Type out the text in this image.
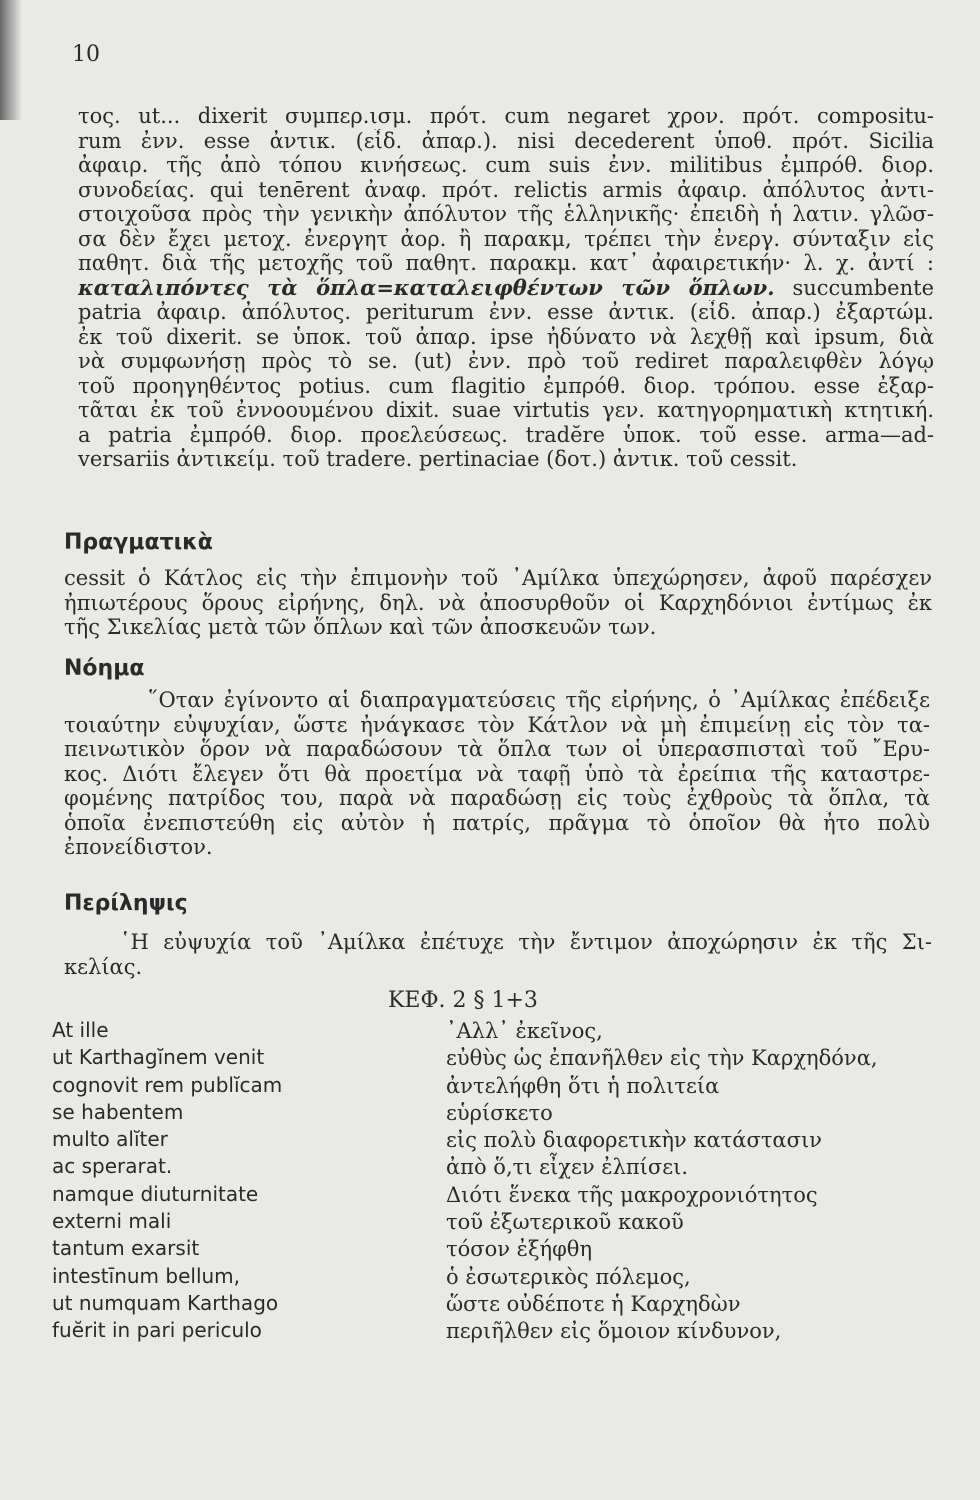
10
τος. ut... dixerit συμπερ.ισμ. πρότ. cum negaret χρον. πρότ. compositu-
rum ἐνν. esse ἀντικ. (εἶδ. ἀπαρ.). nisi decederent ὑποθ. πρότ. Sicilia
ἀφαιρ. τῆς ἀπὸ τόπου κινήσεως. cum suis ἐνν. militibus ἐμπρόθ. διορ.
συνοδείας. qui tenērent ἀναφ. πρότ. relictis armis ἀφαιρ. ἀπόλυτος ἀντι-
στοιχοῦσα πρὸς τὴν γενικὴν ἀπόλυτον τῆς ἑλληνικῆς· ἐπειδὴ ἡ λατιν. γλῶσ-
σα δὲν ἔχει μετοχ. ἐνεργητ ἀορ. ἢ παρακμ, τρέπει τὴν ἐνεργ. σύνταξιν εἰς
παθητ. διὰ τῆς μετοχῆς τοῦ παθητ. παρακμ. κατ᾽ ἀφαιρετικήν· λ. χ. ἀντί :
καταλιπόντες τὰ ὅπλα=καταλειφθέντων τῶν ὅπλων. succumbente
patria ἀφαιρ. ἀπόλυτος. periturum ἐνν. esse ἀντικ. (εἶδ. ἀπαρ.) ἐξαρτώμ.
ἐκ τοῦ dixerit. se ὑποκ. τοῦ ἀπαρ. ipse ἠδύνατο νὰ λεχθῇ καὶ ipsum, διὰ
νὰ συμφωνήσῃ πρὸς τὸ se. (ut) ἐνν. πρὸ τοῦ rediret παραλειφθὲν λόγῳ
τοῦ προηγηθέντος potius. cum flagitio ἐμπρόθ. διορ. τρόπου. esse ἐξαρ-
τᾶται ἐκ τοῦ ἐννοουμένου dixit. suae virtutis γεν. κατηγορηματικὴ κτητική.
a patria ἐμπρόθ. διορ. προελεύσεως. tradĕre ὑποκ. τοῦ esse. arma—ad-
versariis ἀντικείμ. τοῦ tradere. pertinaciae (δοτ.) ἀντικ. τοῦ cessit.
Πραγματικὰ
cessit ὁ Κάτλος εἰς τὴν ἐπιμονὴν τοῦ ᾿Αμίλκα ὑπεχώρησεν, ἀφοῦ παρέσχεν
ἠπιωτέρους ὅρους εἰρήνης, δηλ. νὰ ἀποσυρθοῦν οἱ Καρχηδόνιοι ἐντίμως ἐκ
τῆς Σικελίας μετὰ τῶν ὅπλων καὶ τῶν ἀποσκευῶν των.
Νόημα
῞Οταν ἐγίνοντο αἱ διαπραγματεύσεις τῆς εἰρήνης, ὁ ᾿Αμίλκας ἐπέδειξε
τοιαύτην εὐψυχίαν, ὥστε ἠνάγκασε τὸν Κάτλον νὰ μὴ ἐπιμείνῃ εἰς τὸν τα-
πεινωτικὸν ὅρον νὰ παραδώσουν τὰ ὅπλα των οἱ ὑπερασπισταὶ τοῦ ῎Ερυ-
κος. Διότι ἔλεγεν ὅτι θὰ προετίμα νὰ ταφῇ ὑπὸ τὰ ἐρείπια τῆς καταστρε-
φομένης πατρίδος του, παρὰ νὰ παραδώσῃ εἰς τοὺς ἐχθροὺς τὰ ὅπλα, τὰ
ὁποῖα ἐνεπιστεύθη εἰς αὐτὸν ἡ πατρίς, πρᾶγμα τὸ ὁποῖον θὰ ἦτο πολὺ
ἐπονείδιστον.
Περίληψις
῾Η εὐψυχία τοῦ ᾿Αμίλκα ἐπέτυχε τὴν ἔντιμον ἀποχώρησιν ἐκ τῆς Σι-
κελίας.
ΚΕΦ. 2 § 1+3
At ille
ut Karthagĭnem venit
cognovit rem publĭcam
se habentem
multo alĭter
ac sperarat.
namque diuturnitate
externi mali
tantum exarsit
intestīnum bellum,
ut numquam Karthago
fuĕrit in pari periculo
᾿Αλλ᾿ ἐκεῖνος,
εὐθὺς ὡς ἐπανῆλθεν εἰς τὴν Καρχηδόνα,
ἀντελήφθη ὅτι ἡ πολιτεία
εὑρίσκετο
εἰς πολὺ διαφορετικὴν κατάστασιν
ἀπὸ ὅ,τι εἶχεν ἐλπίσει.
Διότι ἕνεκα τῆς μακροχρονιότητος
τοῦ ἐξωτερικοῦ κακοῦ
τόσον ἐξήφθη
ὁ ἐσωτερικὸς πόλεμος,
ὥστε οὐδέποτε ἡ Καρχηδὼν
περιῆλθεν εἰς ὅμοιον κίνδυνον,
